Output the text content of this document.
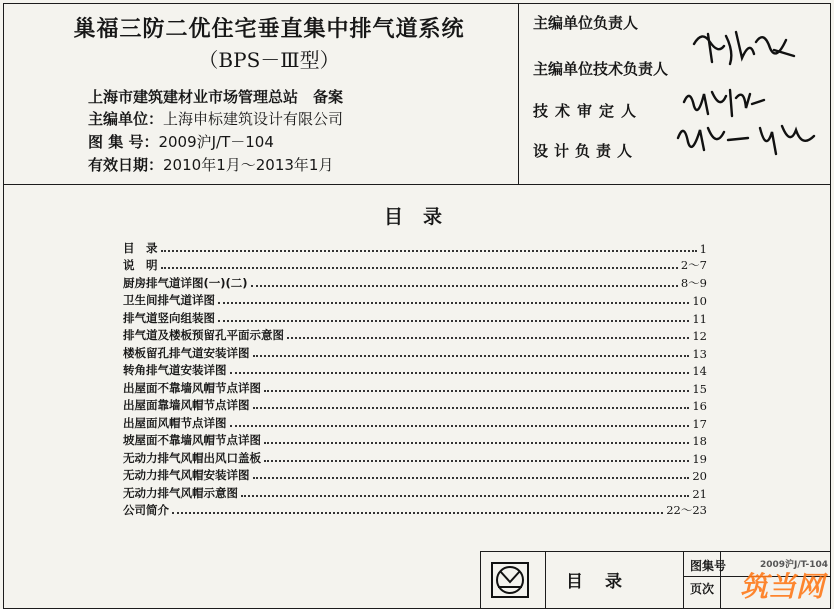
巢福三防二优住宅垂直集中排气道系统
（BPS－Ⅲ型）
上海市建筑建材业市场管理总站　备案
主编单位：上海申标建筑设计有限公司
图 集 号：2009沪J/T－104
有效日期：2010年1月～2013年1月
主编单位负责人
主编单位技术负责人
技术审定人
设计负责人
目录
目　录	1
说　明	2～7
厨房排气道详图(一)(二)	8～9
卫生间排气道详图	10
排气道竖向组装图	11
排气道及楼板预留孔平面示意图	12
楼板留孔排气道安装详图	13
转角排气道安装详图	14
出屋面不靠墙风帽节点详图	15
出屋面靠墙风帽节点详图	16
出屋面风帽节点详图	17
坡屋面不靠墙风帽节点详图	18
无动力排气风帽出风口盖板	19
无动力排气风帽安装详图	20
无动力排气风帽示意图	21
公司简介	22～23
目录
图集号	2009沪J/T-104
页次 筑当网
